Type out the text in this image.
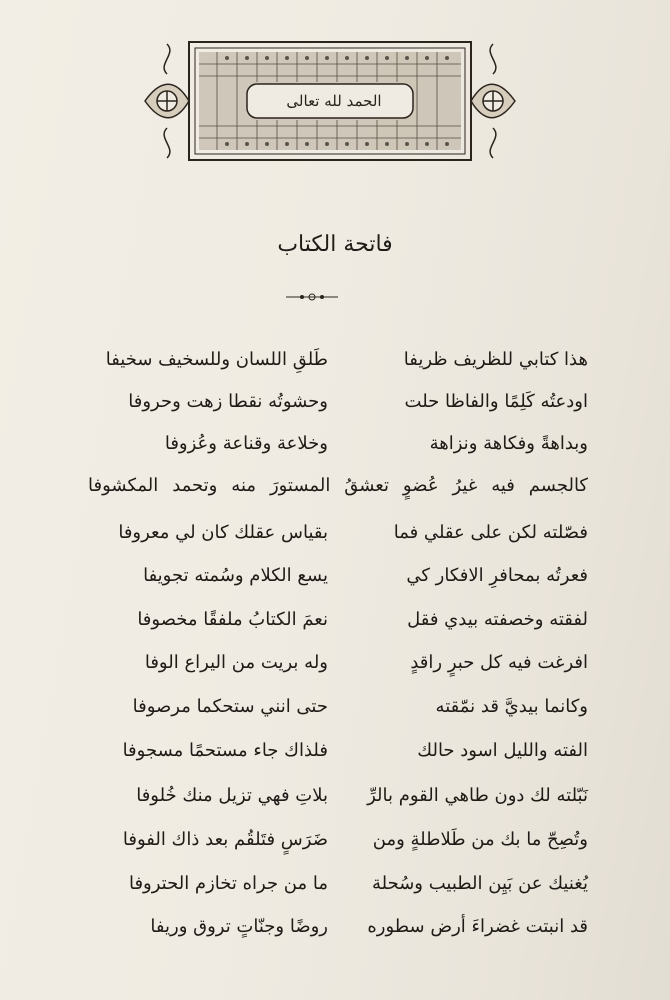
الحمد لله تعالى
فاتحة الكتاب
هذا كتابي للظريف ظريفا
طَلقِ اللسان وللسخيف سخيفا
اودعتُه كَلِمًا والفاظا حلت
وحشوتُه نقطا زهت وحروفا
وبداهةً وفكاهة ونزاهة
وخلاعة وقناعة وعُزوفا
كالجسم فيه غيرُ عُضوٍ تعشقُ المستورَ منه وتحمد المكشوفا
فصّلته لكن على عقلي فما
بقياس عقلك كان لي معروفا
فعرتُه بمحافرِ الافكار كي
يسع الكلام وسُمته تجويفا
لفقته وخصفته بيدي فقل
نعمَ الكتابُ ملفقًا مخصوفا
افرغت فيه كل حبرٍ راقدٍ
وله بريت من اليراع الوفا
وكانما بيديَّ قد نمّقته
حتى انني ستحكما مرصوفا
الفته والليل اسود حالك
فلذاك جاء مستحمًا مسجوفا
نَبّلته لك دون طاهي القوم بالرِّ
بلاتِ فهي تزيل منك خُلوفا
وتُصِحّ ما بك من طَلاطلةٍ ومن
ضَرَسٍ فتَلقُم بعد ذاك الفوفا
يُغنيك عن بَيِن الطبيب وسُحلة
ما من جراه تخازم الحتروفا
قد انبتت غضراءَ أرض سطوره
روضًا وجنّاتٍ تروق وريفا
